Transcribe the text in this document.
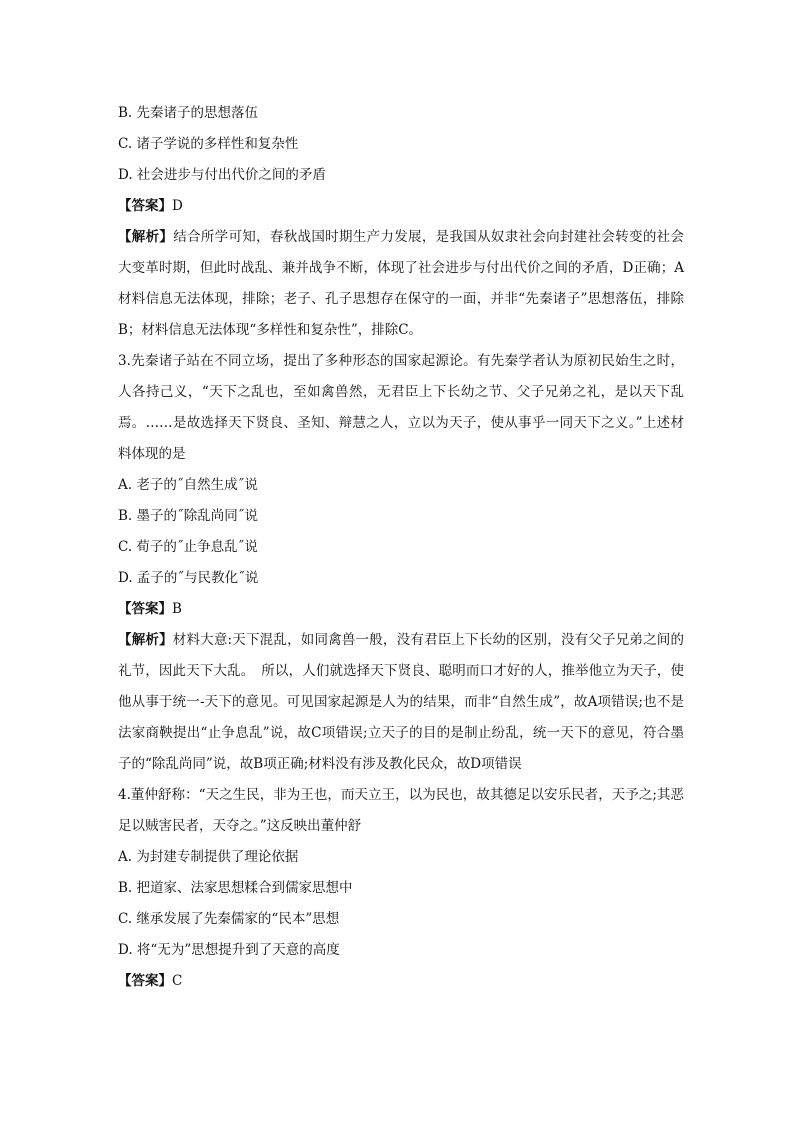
B. 先秦诸子的思想落伍
C. 诸子学说的多样性和复杂性
D. 社会进步与付出代价之间的矛盾
【答案】D
【解析】结合所学可知，春秋战国时期生产力发展，是我国从奴隶社会向封建社会转变的社会大变革时期，但此时战乱、兼并战争不断，体现了社会进步与付出代价之间的矛盾，D正确；A材料信息无法体现，排除；老子、孔子思想存在保守的一面，并非“先秦诸子”思想落伍，排除B；材料信息无法体现“多样性和复杂性”，排除C。
3.先秦诸子站在不同立场，提出了多种形态的国家起源论。有先秦学者认为原初民始生之时，人各持己义，“天下之乱也，至如禽兽然，无君臣上下长幼之节、父子兄弟之礼，是以天下乱焉。……是故选择天下贤良、圣知、辩慧之人，立以为天子，使从事乎一同天下之义。”上述材料体现的是
A. 老子的˝自然生成˝说
B. 墨子的˝除乱尚同˝说
C. 荀子的˝止争息乱˝说
D. 孟子的˝与民教化˝说
【答案】B
【解析】材料大意:天下混乱，如同禽兽一般，没有君臣上下长幼的区别，没有父子兄弟之间的礼节，因此天下大乱。　所以，人们就选择天下贤良、聪明而口才好的人，推举他立为天子，使他从事于统一-天下的意见。可见国家起源是人为的结果，而非“自然生成”，故A项错误;也不是法家商鞅提出“止争息乱”说，故C项错误;立天子的目的是制止纷乱，统一天下的意见，符合墨子的“除乱尚同”说，故B项正确;材料没有涉及教化民众，故D项错误
4.董仲舒称：“天之生民，非为王也，而天立王，以为民也，故其德足以安乐民者，天予之;其恶足以贼害民者，天夺之。”这反映出董仲舒
A. 为封建专制提供了理论依据
B. 把道家、法家思想糅合到儒家思想中
C. 继承发展了先秦儒家的“民本”思想
D. 将“无为”思想提升到了天意的高度
【答案】C
